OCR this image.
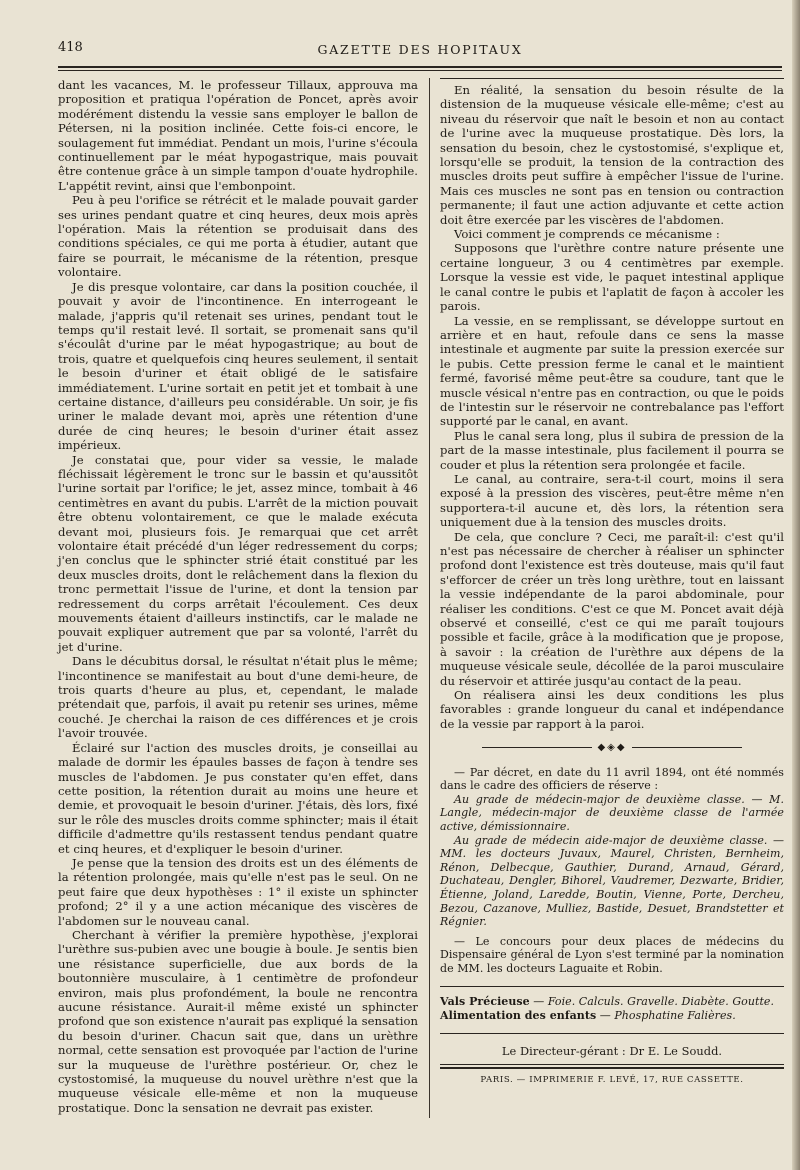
418	GAZETTE DES HOPITAUX

dant les vacances, M. le professeur Tillaux, approuva ma proposition et pratiqua l'opération de Poncet, après avoir modérément distendu la vessie sans employer le ballon de Pétersen, ni la position inclinée. Cette fois-ci encore, le soulagement fut immédiat. Pendant un mois, l'urine s'écoula continuellement par le méat hypogastrique, mais pouvait être contenue grâce à un simple tampon d'ouate hydrophile. L'appétit revint, ainsi que l'embonpoint.

Peu à peu l'orifice se rétrécit et le malade pouvait garder ses urines pendant quatre et cinq heures, deux mois après l'opération. Mais la rétention se produisait dans des conditions spéciales, ce qui me porta à étudier, autant que faire se pourrait, le mécanisme de la rétention, presque volontaire.

Je dis presque volontaire, car dans la position couchée, il pouvait y avoir de l'incontinence. En interrogeant le malade, j'appris qu'il retenait ses urines, pendant tout le temps qu'il restait levé. Il sortait, se promenait sans qu'il s'écoulât d'urine par le méat hypogastrique; au bout de trois, quatre et quelquefois cinq heures seulement, il sentait le besoin d'uriner et était obligé de le satisfaire immédiatement. L'urine sortait en petit jet et tombait à une certaine distance, d'ailleurs peu considérable. Un soir, je fis uriner le malade devant moi, après une rétention d'une durée de cinq heures; le besoin d'uriner était assez impérieux.

Je constatai que, pour vider sa vessie, le malade fléchissait légèrement le tronc sur le bassin et qu'aussitôt l'urine sortait par l'orifice; le jet, assez mince, tombait à 46 centimètres en avant du pubis. L'arrêt de la miction pouvait être obtenu volontairement, ce que le malade exécuta devant moi, plusieurs fois. Je remarquai que cet arrêt volontaire était précédé d'un léger redressement du corps; j'en conclus que le sphincter strié était constitué par les deux muscles droits, dont le relâchement dans la flexion du tronc permettait l'issue de l'urine, et dont la tension par redressement du corps arrêtait l'écoulement. Ces deux mouvements étaient d'ailleurs instinctifs, car le malade ne pouvait expliquer autrement que par sa volonté, l'arrêt du jet d'urine.

Dans le décubitus dorsal, le résultat n'était plus le même; l'incontinence se manifestait au bout d'une demi-heure, de trois quarts d'heure au plus, et, cependant, le malade prétendait que, parfois, il avait pu retenir ses urines, même couché. Je cherchai la raison de ces différences et je crois l'avoir trouvée.

Éclairé sur l'action des muscles droits, je conseillai au malade de dormir les épaules basses de façon à tendre ses muscles de l'abdomen. Je pus constater qu'en effet, dans cette position, la rétention durait au moins une heure et demie, et provoquait le besoin d'uriner. J'étais, dès lors, fixé sur le rôle des muscles droits comme sphincter; mais il était difficile d'admettre qu'ils restassent tendus pendant quatre et cinq heures, et d'expliquer le besoin d'uriner.

Je pense que la tension des droits est un des éléments de la rétention prolongée, mais qu'elle n'est pas le seul. On ne peut faire que deux hypothèses : 1° il existe un sphincter profond; 2° il y a une action mécanique des viscères de l'abdomen sur le nouveau canal.

Cherchant à vérifier la première hypothèse, j'explorai l'urèthre sus-pubien avec une bougie à boule. Je sentis bien une résistance superficielle, due aux bords de la boutonnière musculaire, à 1 centimètre de profondeur environ, mais plus profondément, la boule ne rencontra aucune résistance. Aurait-il même existé un sphincter profond que son existence n'aurait pas expliqué la sensation du besoin d'uriner. Chacun sait que, dans un urèthre normal, cette sensation est provoquée par l'action de l'urine sur la muqueuse de l'urèthre postérieur. Or, chez le cystostomisé, la muqueuse du nouvel urèthre n'est que la muqueuse vésicale elle-même et non la muqueuse prostatique. Donc la sensation ne devrait pas exister.

En réalité, la sensation du besoin résulte de la distension de la muqueuse vésicale elle-même; c'est au niveau du réservoir que naît le besoin et non au contact de l'urine avec la muqueuse prostatique. Dès lors, la sensation du besoin, chez le cystostomisé, s'explique et, lorsqu'elle se produit, la tension de la contraction des muscles droits peut suffire à empêcher l'issue de l'urine. Mais ces muscles ne sont pas en tension ou contraction permanente; il faut une action adjuvante et cette action doit être exercée par les viscères de l'abdomen.

Voici comment je comprends ce mécanisme :

Supposons que l'urèthre contre nature présente une certaine longueur, 3 ou 4 centimètres par exemple. Lorsque la vessie est vide, le paquet intestinal applique le canal contre le pubis et l'aplatit de façon à accoler les parois.

La vessie, en se remplissant, se développe surtout en arrière et en haut, refoule dans ce sens la masse intestinale et augmente par suite la pression exercée sur le pubis. Cette pression ferme le canal et le maintient fermé, favorisé même peut-être sa coudure, tant que le muscle vésical n'entre pas en contraction, ou que le poids de l'intestin sur le réservoir ne contrebalance pas l'effort supporté par le canal, en avant.

Plus le canal sera long, plus il subira de pression de la part de la masse intestinale, plus facilement il pourra se couder et plus la rétention sera prolongée et facile.

Le canal, au contraire, sera-t-il court, moins il sera exposé à la pression des viscères, peut-être même n'en supportera-t-il aucune et, dès lors, la rétention sera uniquement due à la tension des muscles droits.

De cela, que conclure ? Ceci, me paraît-il: c'est qu'il n'est pas nécessaire de chercher à réaliser un sphincter profond dont l'existence est très douteuse, mais qu'il faut s'efforcer de créer un très long urèthre, tout en laissant la vessie indépendante de la paroi abdominale, pour réaliser les conditions. C'est ce que M. Poncet avait déjà observé et conseillé, c'est ce qui me paraît toujours possible et facile, grâce à la modification que je propose, à savoir : la création de l'urèthre aux dépens de la muqueuse vésicale seule, décollée de la paroi musculaire du réservoir et attirée jusqu'au contact de la peau.

On réalisera ainsi les deux conditions les plus favorables : grande longueur du canal et indépendance de la vessie par rapport à la paroi.

◆◈◆

— Par décret, en date du 11 avril 1894, ont été nommés dans le cadre des officiers de réserve :

Au grade de médecin-major de deuxième classe. — M. Langle, médecin-major de deuxième classe de l'armée active, démissionnaire.

Au grade de médecin aide-major de deuxième classe. — MM. les docteurs Juvaux, Maurel, Christen, Bernheim, Rénon, Delbecque, Gauthier, Durand, Arnaud, Gérard, Duchateau, Dengler, Bihorel, Vaudremer, Dezwarte, Bridier, Étienne, Joland, Laredde, Boutin, Vienne, Porte, Dercheu, Bezou, Cazanove, Mulliez, Bastide, Desuet, Brandstetter et Régnier.

— Le concours pour deux places de médecins du Dispensaire général de Lyon s'est terminé par la nomination de MM. les docteurs Laguaite et Robin.

Vals Précieuse — Foie. Calculs. Gravelle. Diabète. Goutte.

Alimentation des enfants — Phosphatine Falières.

Le Directeur-gérant : Dr E. Le Soudd.
PARIS. — IMPRIMERIE F. LEVÉ, 17, RUE CASSETTE.
